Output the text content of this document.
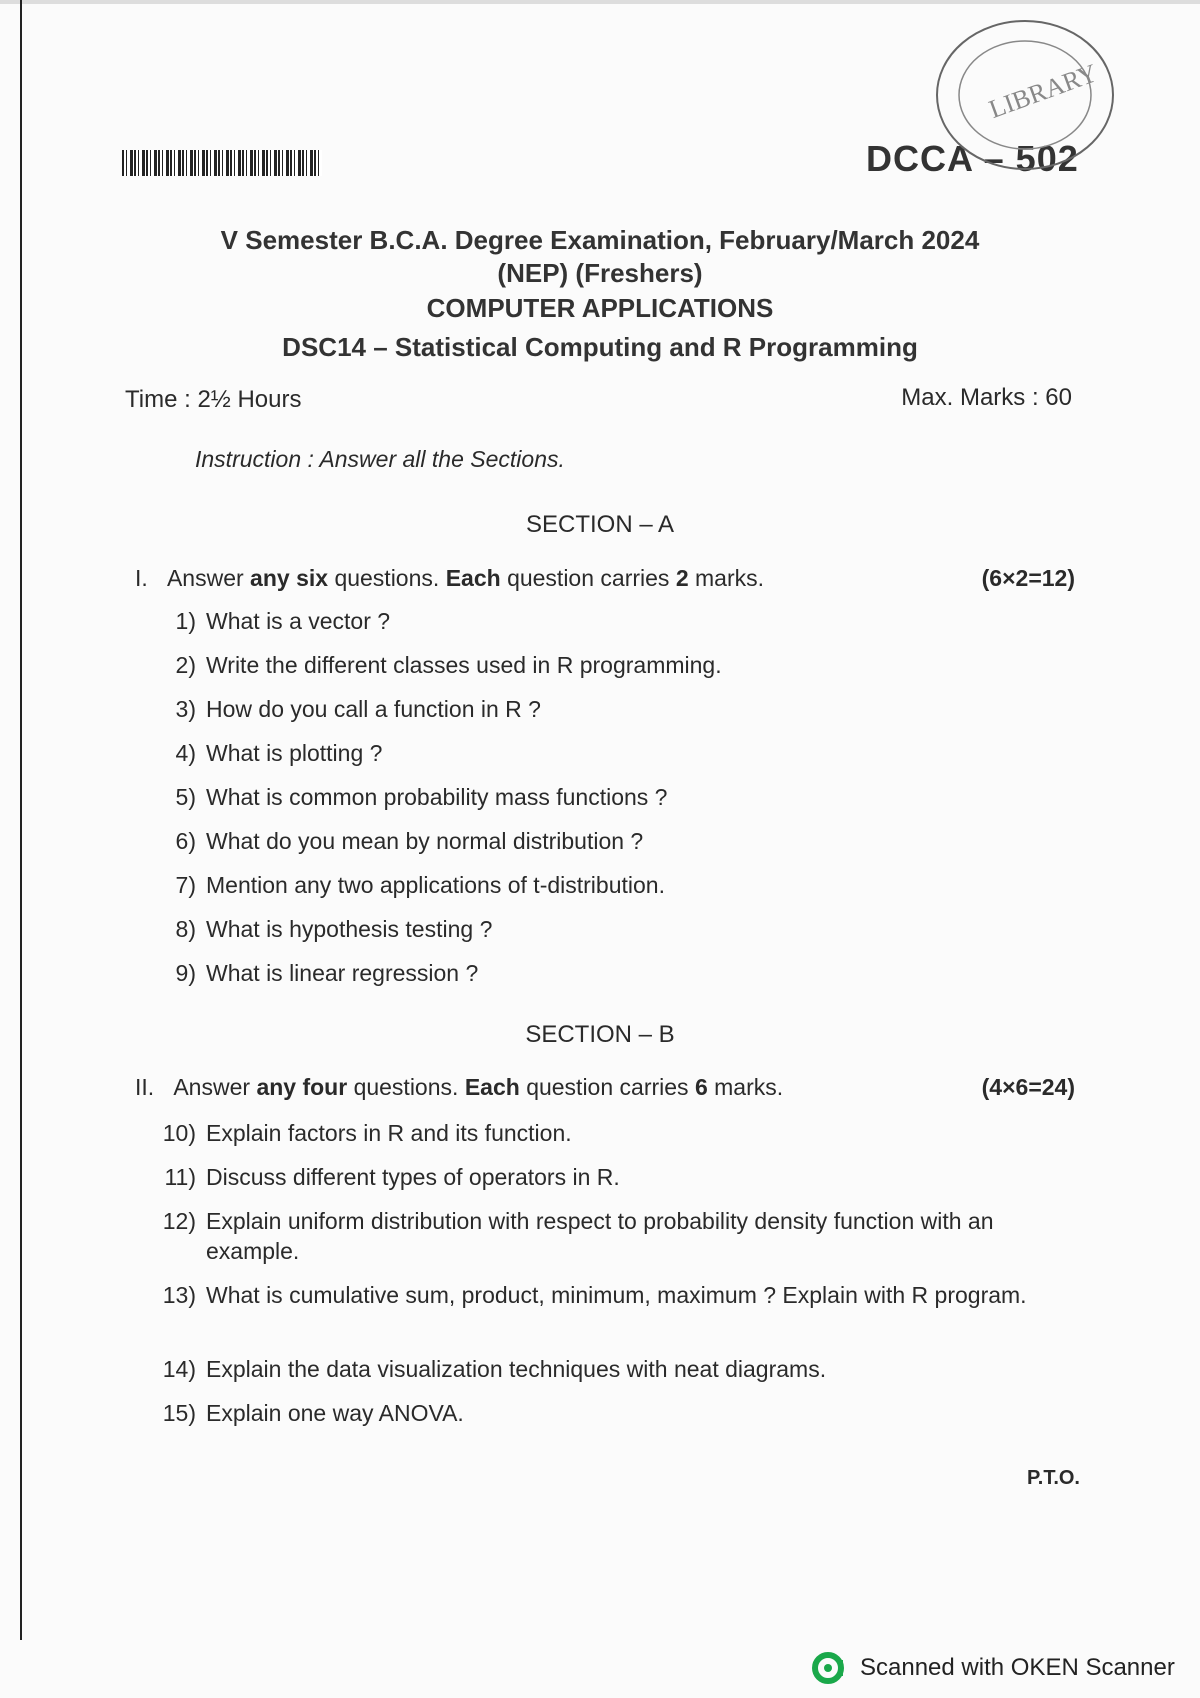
DCCA – 502
LIBRARY
V Semester B.C.A. Degree Examination, February/March 2024
(NEP) (Freshers)
COMPUTER APPLICATIONS
DSC14 – Statistical Computing and R Programming
Time : 2½ Hours	Max. Marks : 60
Instruction : Answer all the Sections.
SECTION – A
I. Answer any six questions. Each question carries 2 marks.	(6×2=12)
1) What is a vector ?
2) Write the different classes used in R programming.
3) How do you call a function in R ?
4) What is plotting ?
5) What is common probability mass functions ?
6) What do you mean by normal distribution ?
7) Mention any two applications of t-distribution.
8) What is hypothesis testing ?
9) What is linear regression ?
SECTION – B
II. Answer any four questions. Each question carries 6 marks.	(4×6=24)
10) Explain factors in R and its function.
11) Discuss different types of operators in R.
12) Explain uniform distribution with respect to probability density function with an example.
13) What is cumulative sum, product, minimum, maximum ? Explain with R program.
14) Explain the data visualization techniques with neat diagrams.
15) Explain one way ANOVA.
P.T.O.
Scanned with OKEN Scanner
